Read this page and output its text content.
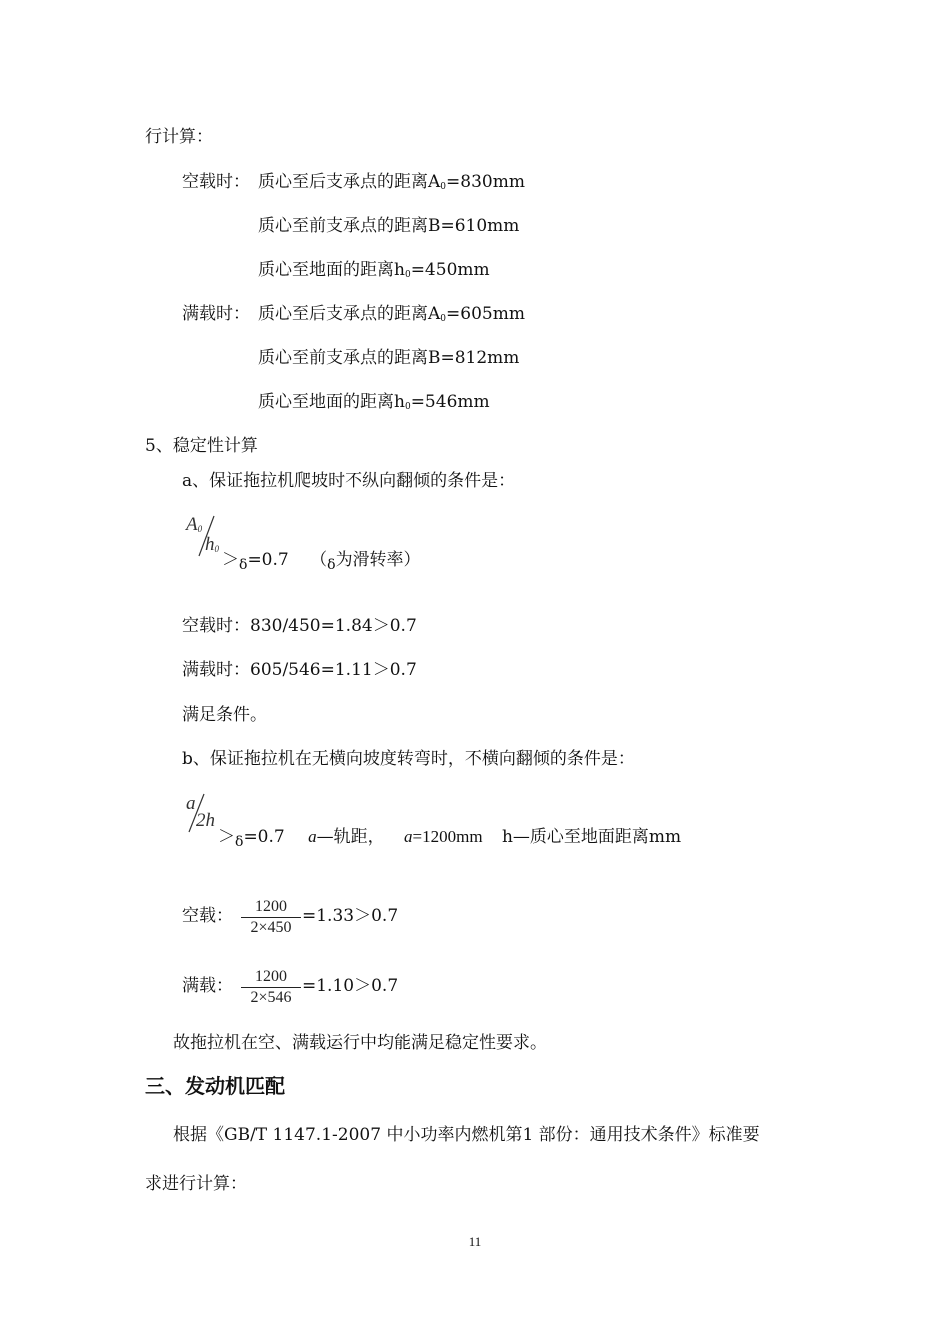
行计算：
空载时： 质心至后支承点的距离$A_0=830mm$
质心至前支承点的距离B=610mm
质心至地面的距离$h_0=450mm$
满载时： 质心至后支承点的距离$A_0=605mm$
质心至前支承点的距离B=812mm
质心至地面的距离$h_0=546mm$
5、稳定性计算
a、保证拖拉机爬坡时不纵向翻倾的条件是：
$A_0$
$h_0$
$>_\delta=0.7$ （$_\delta$为滑转率）
空载时：830/450=1.84＞0.7
满载时：605/546=1.11＞0.7
满足条件。
b、保证拖拉机在无横向坡度转弯时，不横向翻倾的条件是：
a
2h
$>_\delta=0.7$ a—轨距， a=1200mm h—质心至地面距离mm
空载：	1200
2×450
=1.33＞0.7
满载：	1200
2×546
=1.10＞0.7
故拖拉机在空、满载运行中均能满足稳定性要求。
三、发动机匹配
根据《GB/T 1147.1-2007 中小功率内燃机第1 部份：通用技术条件》标准要
求进行计算：
11
